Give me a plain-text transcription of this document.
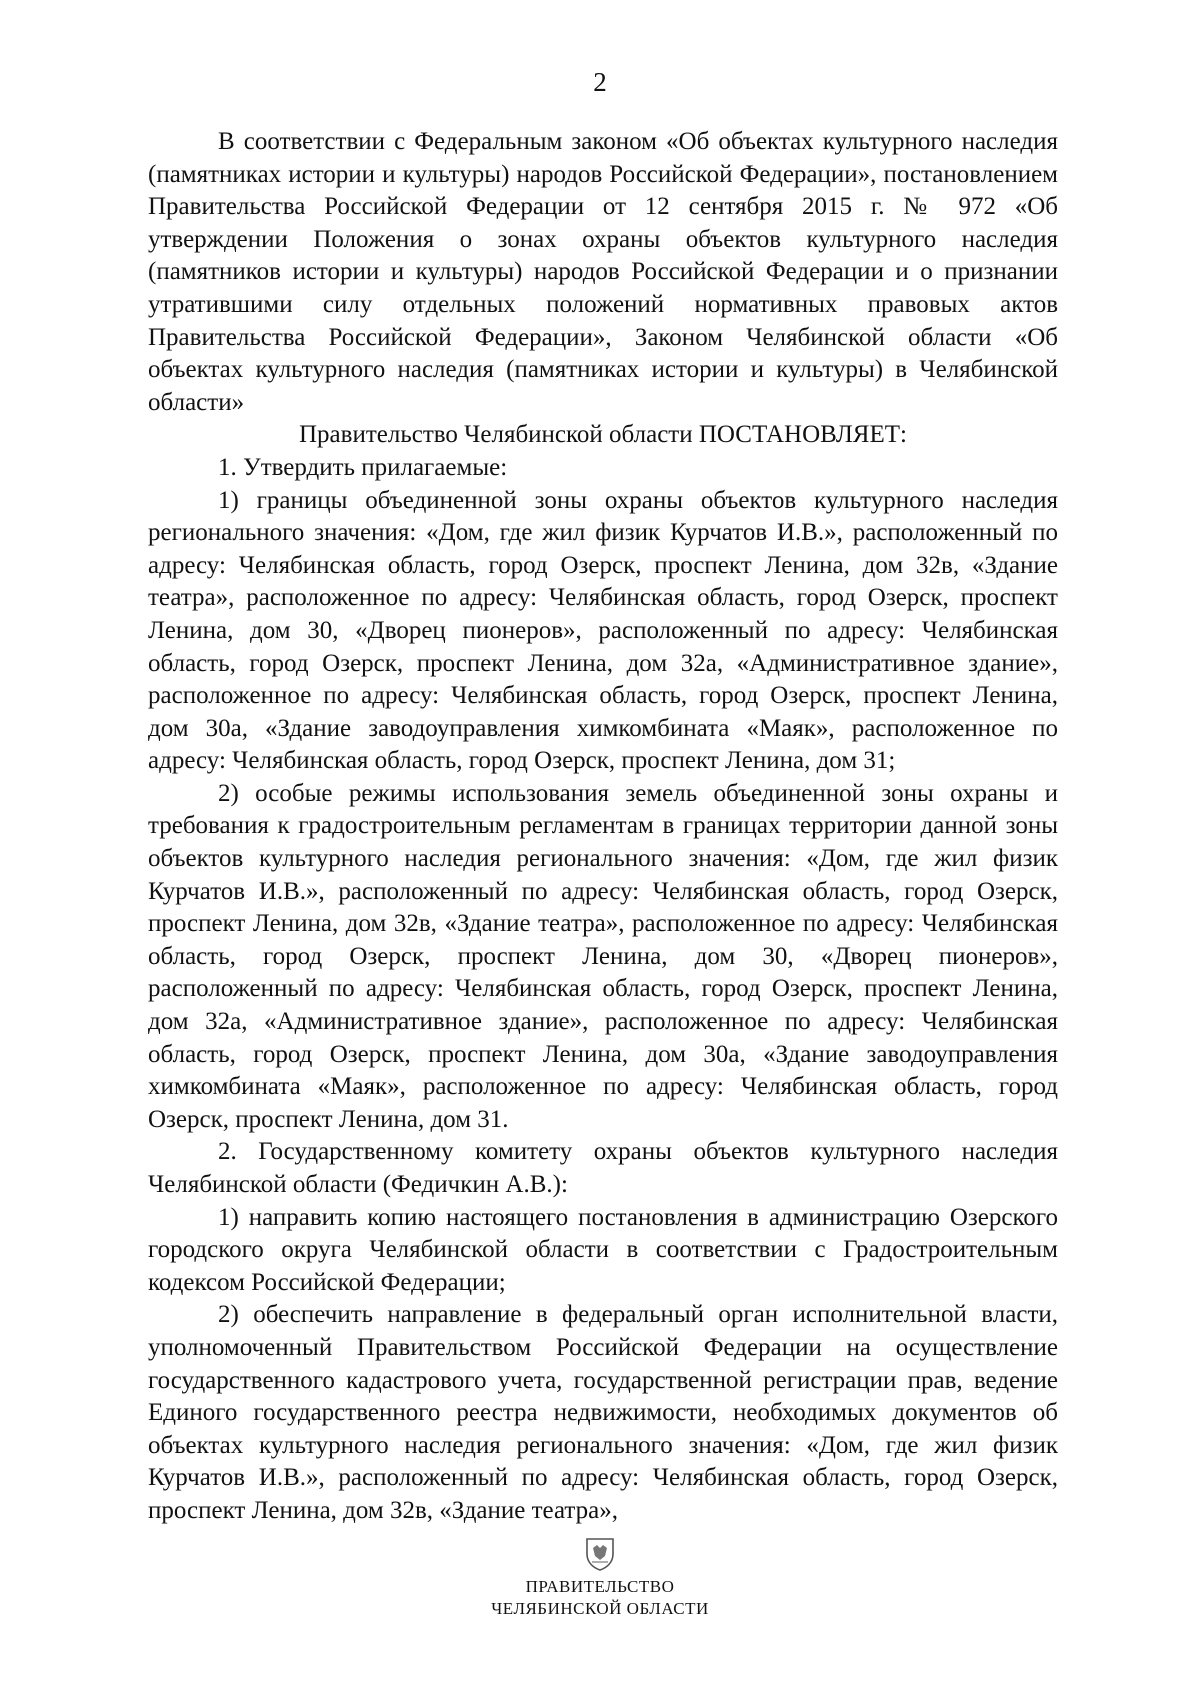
2

В соответствии с Федеральным законом «Об объектах культурного наследия (памятниках истории и культуры) народов Российской Федерации», постановлением Правительства Российской Федерации от 12 сентября 2015 г. № 972 «Об утверждении Положения о зонах охраны объектов культурного наследия (памятников истории и культуры) народов Российской Федерации и о признании утратившими силу отдельных положений нормативных правовых актов Правительства Российской Федерации», Законом Челябинской области «Об объектах культурного наследия (памятниках истории и культуры) в Челябинской области»

Правительство Челябинской области ПОСТАНОВЛЯЕТ:

1. Утвердить прилагаемые:

1) границы объединенной зоны охраны объектов культурного наследия регионального значения: «Дом, где жил физик Курчатов И.В.», расположенный по адресу: Челябинская область, город Озерск, проспект Ленина, дом 32в, «Здание театра», расположенное по адресу: Челябинская область, город Озерск, проспект Ленина, дом 30, «Дворец пионеров», расположенный по адресу: Челябинская область, город Озерск, проспект Ленина, дом 32а, «Административное здание», расположенное по адресу: Челябинская область, город Озерск, проспект Ленина, дом 30а, «Здание заводоуправления химкомбината «Маяк», расположенное по адресу: Челябинская область, город Озерск, проспект Ленина, дом 31;

2) особые режимы использования земель объединенной зоны охраны и требования к градостроительным регламентам в границах территории данной зоны объектов культурного наследия регионального значения: «Дом, где жил физик Курчатов И.В.», расположенный по адресу: Челябинская область, город Озерск, проспект Ленина, дом 32в, «Здание театра», расположенное по адресу: Челябинская область, город Озерск, проспект Ленина, дом 30, «Дворец пионеров», расположенный по адресу: Челябинская область, город Озерск, проспект Ленина, дом 32а, «Административное здание», расположенное по адресу: Челябинская область, город Озерск, проспект Ленина, дом 30а, «Здание заводоуправления химкомбината «Маяк», расположенное по адресу: Челябинская область, город Озерск, проспект Ленина, дом 31.

2. Государственному комитету охраны объектов культурного наследия Челябинской области (Федичкин А.В.):

1) направить копию настоящего постановления в администрацию Озерского городского округа Челябинской области в соответствии с Градостроительным кодексом Российской Федерации;

2) обеспечить направление в федеральный орган исполнительной власти, уполномоченный Правительством Российской Федерации на осуществление государственного кадастрового учета, государственной регистрации прав, ведение Единого государственного реестра недвижимости, необходимых документов об объектах культурного наследия регионального значения: «Дом, где жил физик Курчатов И.В.», расположенный по адресу: Челябинская область, город Озерск, проспект Ленина, дом 32в, «Здание театра»,

ПРАВИТЕЛЬСТВО
ЧЕЛЯБИНСКОЙ ОБЛАСТИ
